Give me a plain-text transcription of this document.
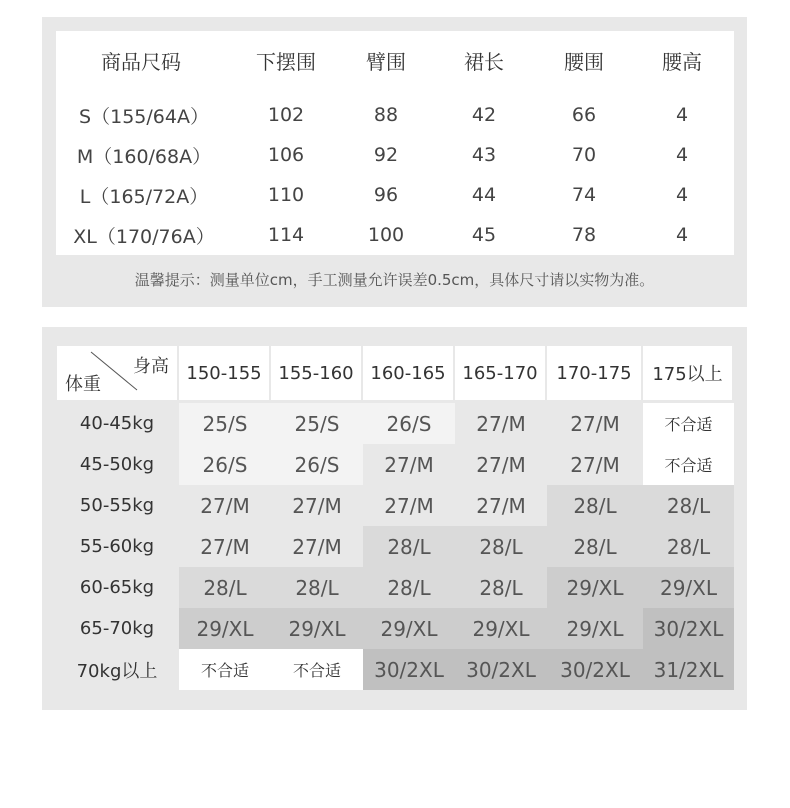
商品尺码	下摆围	臂围	裙长	腰围	腰高
S（155/64A）	102	88	42	66	4
M（160/68A）	106	92	43	70	4
L（165/72A）	110	96	44	74	4
XL（170/76A）	114	100	45	78	4
温馨提示：测量单位cm，手工测量允许误差0.5cm，具体尺寸请以实物为准。
身高
体重
150-155 155-160 160-165 165-170	170-175	175以上
40-45kg	25/S	25/S	26/S	27/M	27/M	不合适
45-50kg	26/S	26/S	27/M	27/M	27/M	不合适
50-55kg	27/M	27/M	27/M	27/M	28/L	28/L
55-60kg	27/M	27/M	28/L	28/L	28/L	28/L
60-65kg	28/L	28/L	28/L	28/L	29/XL	29/XL
65-70kg	29/XL	29/XL	29/XL	29/XL	29/XL	30/2XL
70kg以上	不合适	不合适	30/2XL	30/2XL	30/2XL	31/2XL
